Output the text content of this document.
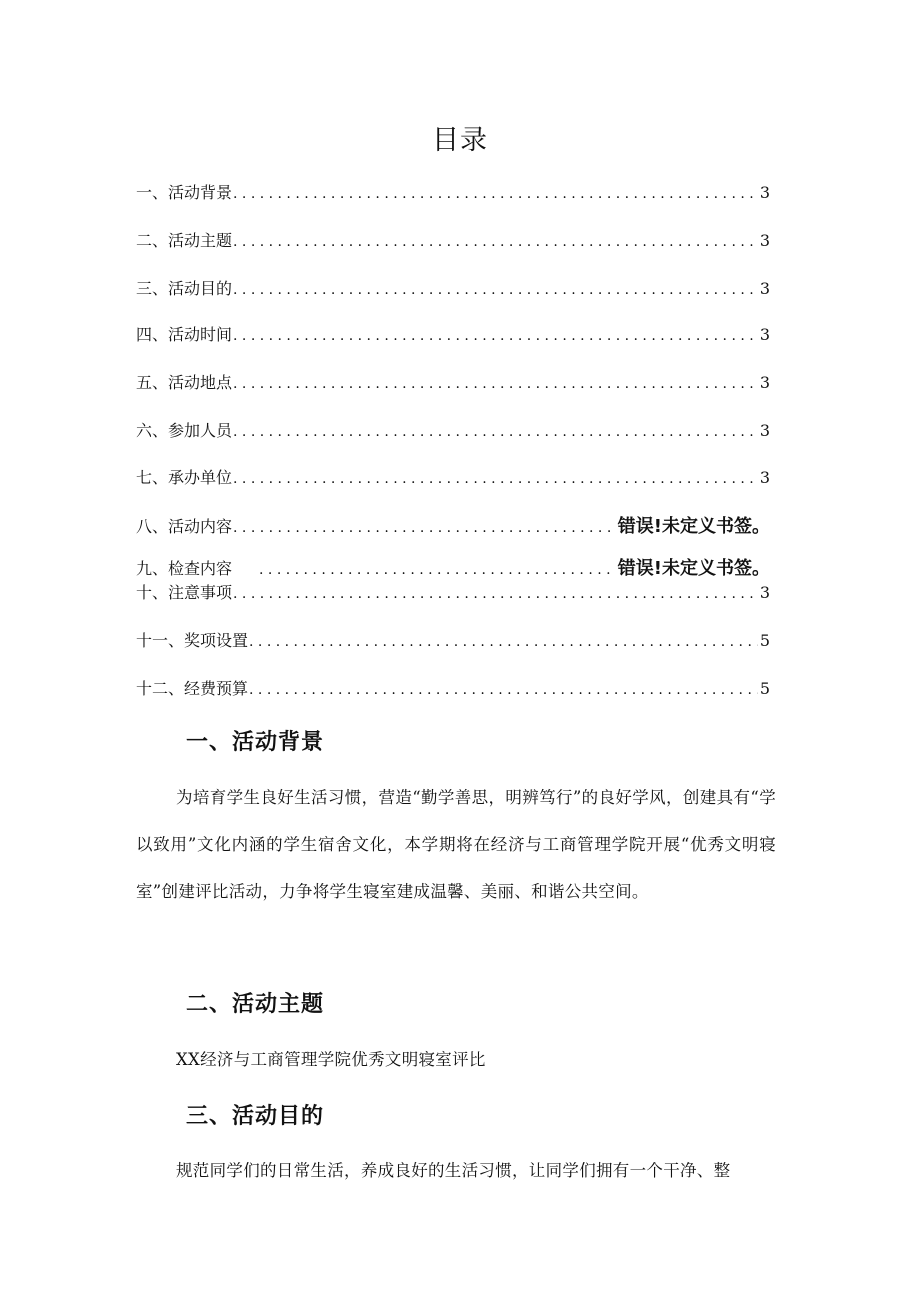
目录
一、活动背景 . . .	3
二、活动主题 . . .	3
三、活动目的 . . .	3
四、活动时间 . . .	3
五、活动地点 . . .	3
六、参加人员 . . .	3
七、承办单位 . . .	3
八、活动内容 . . .	错误!未定义书签。
九、检查内容 . . .	错误!未定义书签。
十、注意事项 . . .	3
十一、奖项设置 . . .	5
十二、经费预算 . . .	5
一、活动背景

为培育学生良好生活习惯，营造“勤学善思，明辨笃行”的良好学风，创建具有“学以致用”文化内涵的学生宿舍文化，本学期将在经济与工商管理学院开展“优秀文明寝室”创建评比活动，力争将学生寝室建成温馨、美丽、和谐公共空间。

二、活动主题

XX经济与工商管理学院优秀文明寝室评比

三、活动目的

规范同学们的日常生活，养成良好的生活习惯，让同学们拥有一个干净、整
